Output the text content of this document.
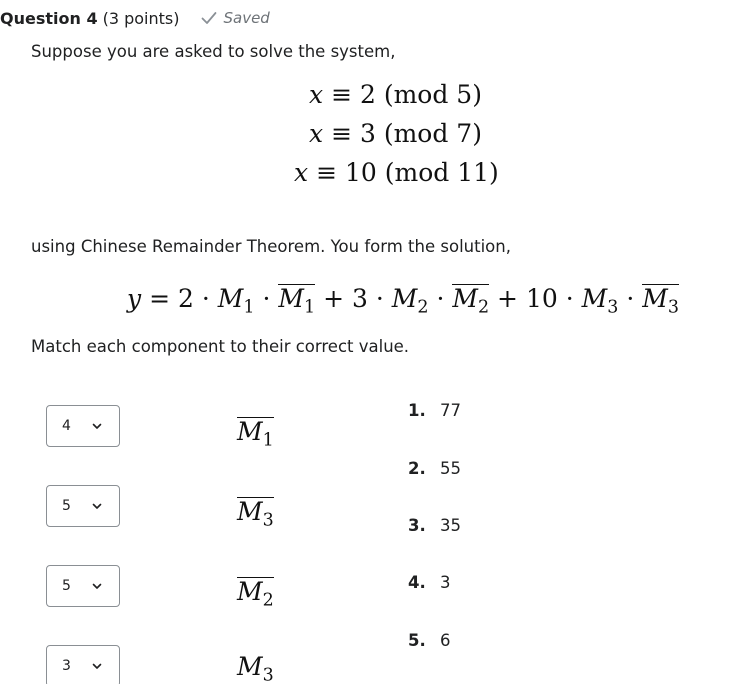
Question 4 (3 points)	Saved
Suppose you are asked to solve the system,
x ≡ 2 (mod 5)
x ≡ 3 (mod 7)
x ≡ 10 (mod 11)
using Chinese Remainder Theorem. You form the solution,
$y = 2 \cdot M_1 \cdot M_1 + 3 \cdot M_2 \cdot M_2 + 10 \cdot M_3 \cdot M_3$
Match each component to their correct value.
4
5
5
3
$M_1$
$M_3$
$M_2$
$M_3$
1. 77
2. 55
3. 35
4. 3
5. 6
